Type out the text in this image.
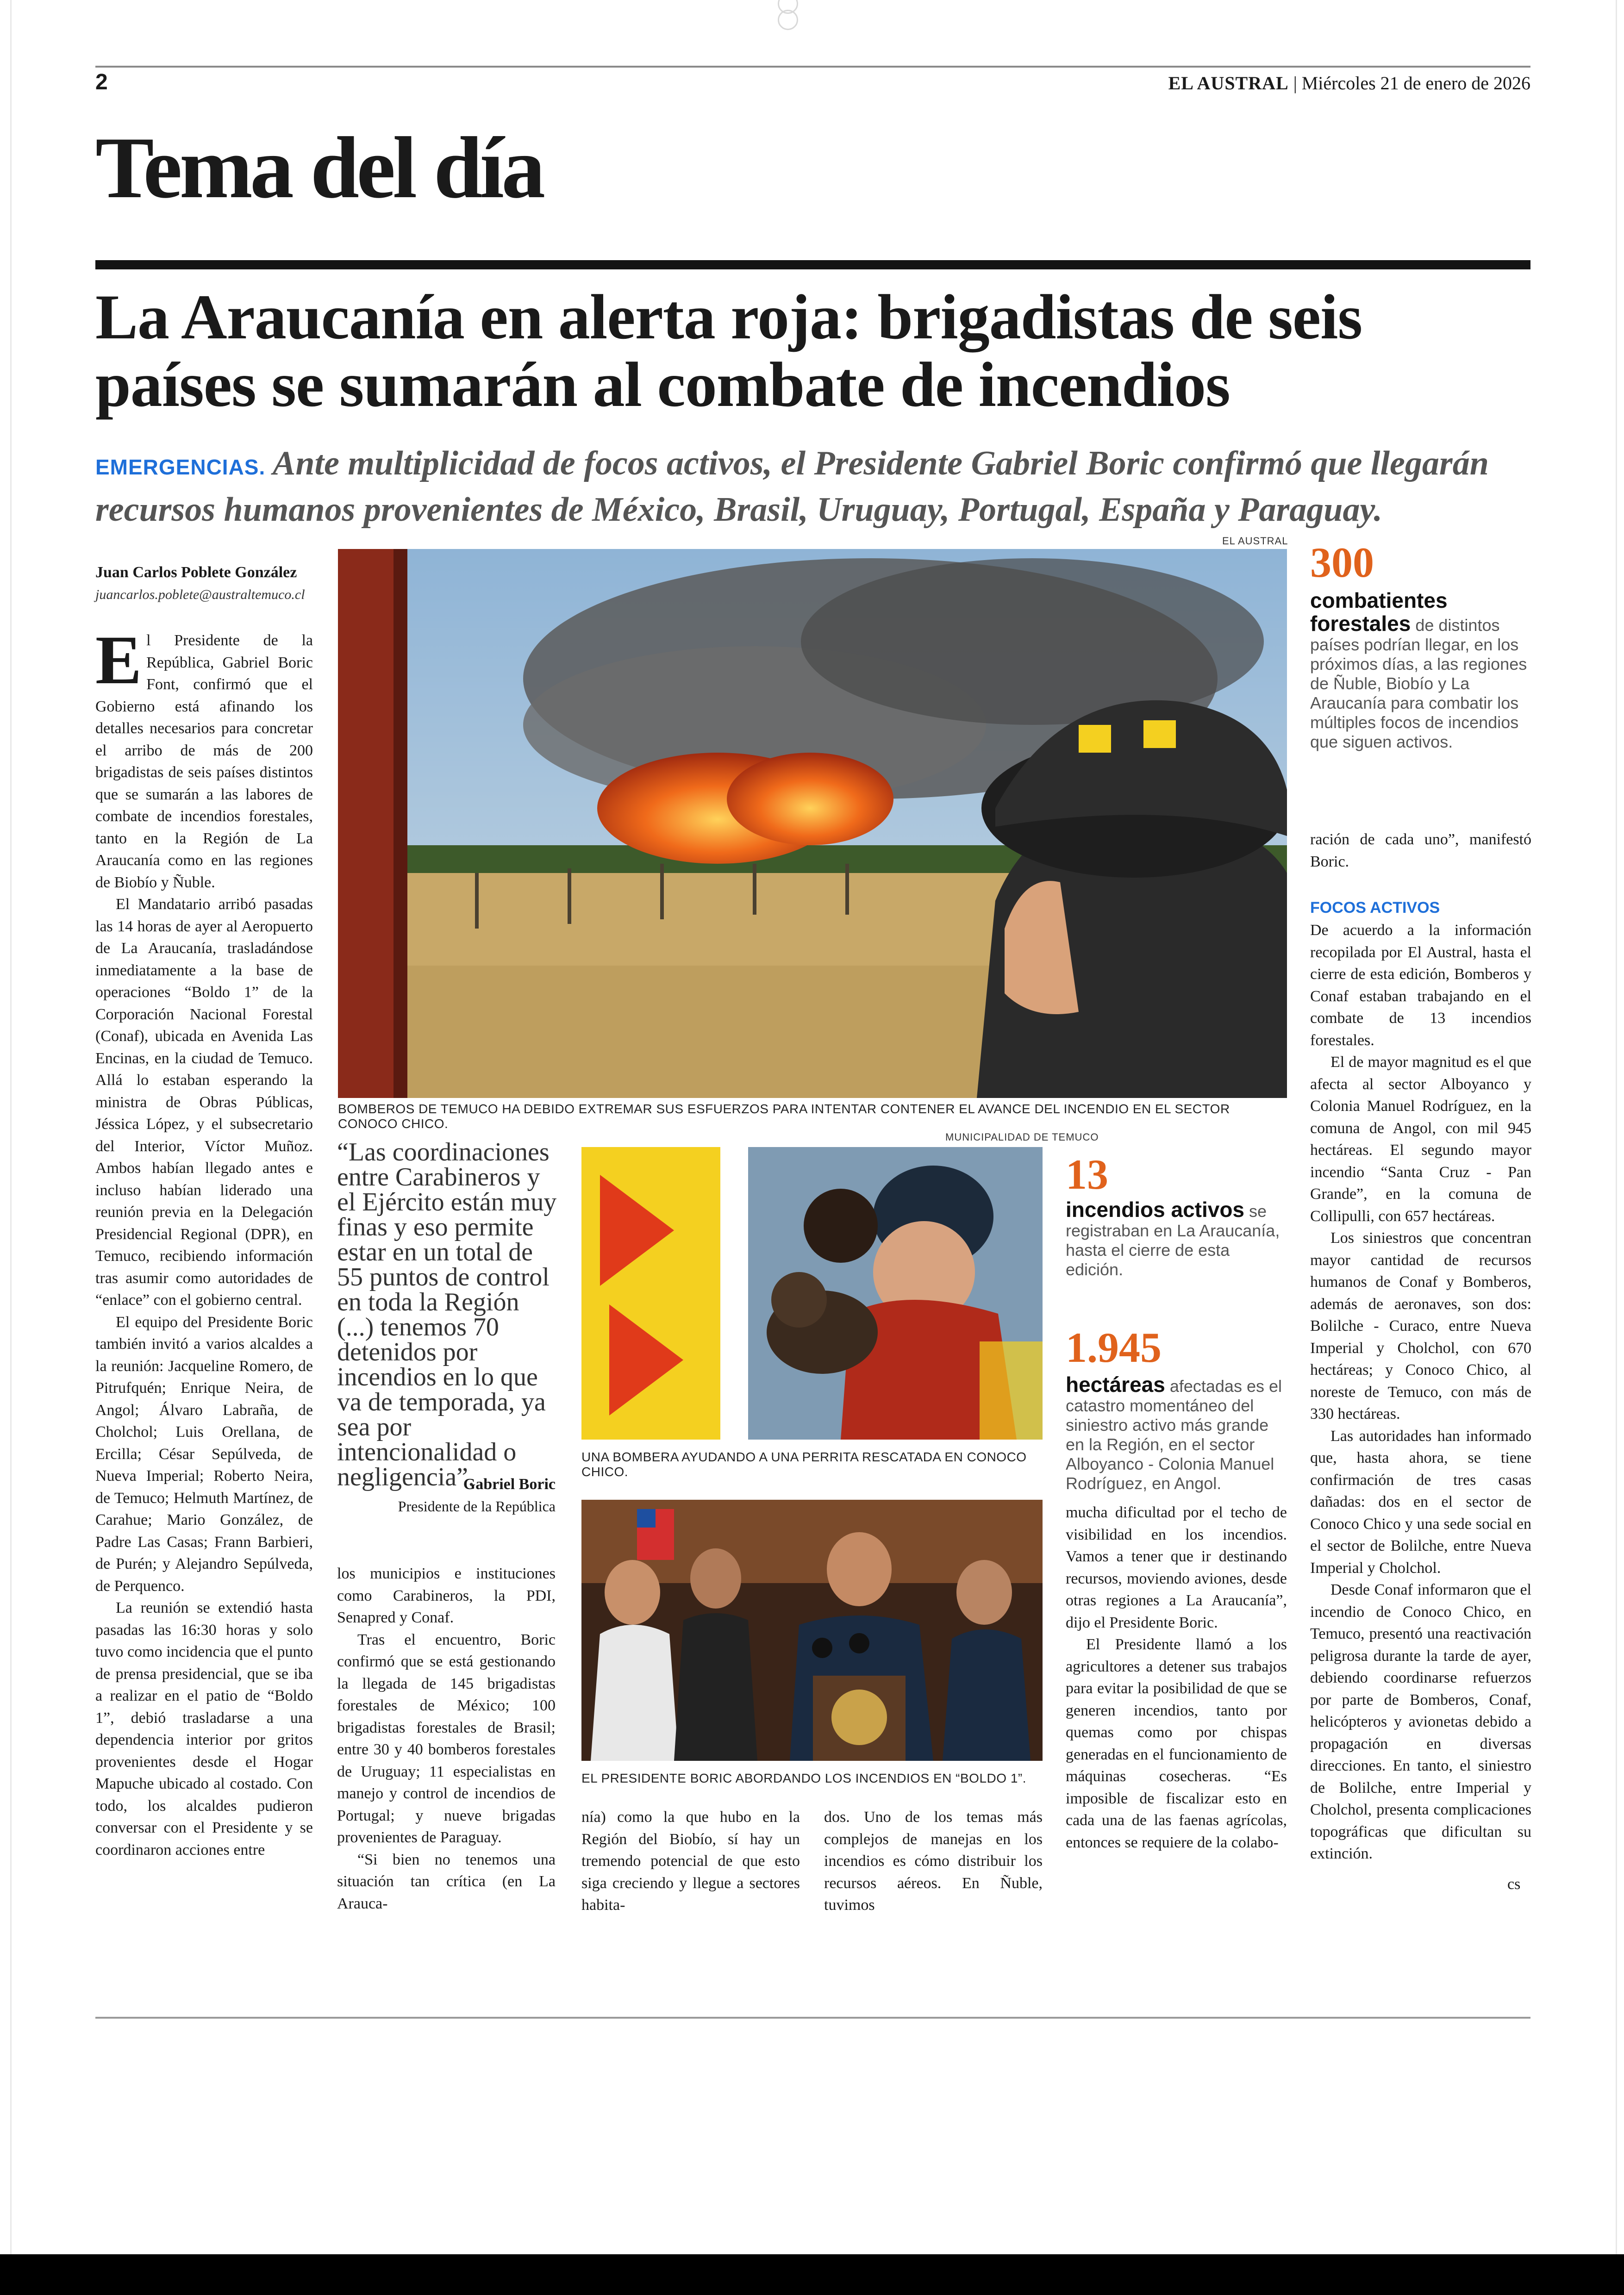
2	EL AUSTRAL | Miércoles 21 de enero de 2026
Tema del día
La Araucanía en alerta roja: brigadistas de seis
países se sumarán al combate de incendios
EMERGENCIAS. Ante multiplicidad de focos activos, el Presidente Gabriel Boric confirmó que llegarán
recursos humanos provenientes de México, Brasil, Uruguay, Portugal, España y Paraguay.
Juan Carlos Poblete González
juancarlos.poblete@australtemuco.cl

El Presidente de la República, Gabriel Boric Font, confirmó que el Gobierno está afinando los detalles necesarios para concretar el arribo de más de 200 brigadistas de seis países distintos que se sumarán a las labores de combate de incendios forestales, tanto en la Región de La Araucanía como en las regiones de Biobío y Ñuble.

El Mandatario arribó pasadas las 14 horas de ayer al Aeropuerto de La Araucanía, trasladándose inmediatamente a la base de operaciones “Boldo 1” de la Corporación Nacional Forestal (Conaf), ubicada en Avenida Las Encinas, en la ciudad de Temuco. Allá lo estaban esperando la ministra de Obras Públicas, Jéssica López, y el subsecretario del Interior, Víctor Muñoz. Ambos habían llegado antes e incluso habían liderado una reunión previa en la Delegación Presidencial Regional (DPR), en Temuco, recibiendo información tras asumir como autoridades de “enlace” con el gobierno central.

El equipo del Presidente Boric también invitó a varios alcaldes a la reunión: Jacqueline Romero, de Pitrufquén; Enrique Neira, de Angol; Álvaro Labraña, de Cholchol; Luis Orellana, de Ercilla; César Sepúlveda, de Nueva Imperial; Roberto Neira, de Temuco; Helmuth Martínez, de Carahue; Mario González, de Padre Las Casas; Frann Barbieri, de Purén; y Alejandro Sepúlveda, de Perquenco.

La reunión se extendió hasta pasadas las 16:30 horas y solo tuvo como incidencia que el punto de prensa presidencial, que se iba a realizar en el patio de “Boldo 1”, debió trasladarse a una dependencia interior por gritos provenientes desde el Hogar Mapuche ubicado al costado. Con todo, los alcaldes pudieron conversar con el Presidente y se coordinaron acciones entre

EL AUSTRAL
BOMBEROS DE TEMUCO HA DEBIDO EXTREMAR SUS ESFUERZOS PARA INTENTAR CONTENER EL AVANCE DEL INCENDIO EN EL SECTOR CONOCO CHICO.
“Las coordinaciones entre Carabineros y el Ejército están muy finas y eso permite estar en un total de 55 puntos de control en toda la Región (...) tenemos 70 detenidos por incendios en lo que va de temporada, ya sea por intencionalidad o negligencia”.
Gabriel Boric
Presidente de la República

los municipios e instituciones como Carabineros, la PDI, Senapred y Conaf.

Tras el encuentro, Boric confirmó que se está gestionando la llegada de 145 brigadistas forestales de México; 100 brigadistas forestales de Brasil; entre 30 y 40 bomberos forestales de Uruguay; 11 especialistas en manejo y control de incendios de Portugal; y nueve brigadas provenientes de Paraguay.

“Si bien no tenemos una situación tan crítica (en La Arauca-

MUNICIPALIDAD DE TEMUCO
UNA BOMBERA AYUDANDO A UNA PERRITA RESCATADA EN CONOCO CHICO.
EL PRESIDENTE BORIC ABORDANDO LOS INCENDIOS EN “BOLDO 1”.

nía) como la que hubo en la Región del Biobío, sí hay un tremendo potencial de que esto siga creciendo y llegue a sectores habita-

dos. Uno de los temas más complejos de manejas en los incendios es cómo distribuir los recursos aéreos. En Ñuble, tuvimos

300
combatientes forestales de distintos países podrían llegar, en los próximos días, a las regiones de Ñuble, Biobío y La Araucanía para combatir los múltiples focos de incendios que siguen activos.
13
incendios activos se registraban en La Araucanía, hasta el cierre de esta edición.
1.945
hectáreas afectadas es el catastro momentáneo del siniestro activo más grande en la Región, en el sector Alboyanco - Colonia Manuel Rodríguez, en Angol.

mucha dificultad por el techo de visibilidad en los incendios. Vamos a tener que ir destinando recursos, moviendo aviones, desde otras regiones a La Araucanía”, dijo el Presidente Boric.

El Presidente llamó a los agricultores a detener sus trabajos para evitar la posibilidad de que se generen incendios, tanto por quemas como por chispas generadas en el funcionamiento de máquinas cosecheras. “Es imposible de fiscalizar esto en cada una de las faenas agrícolas, entonces se requiere de la colabo-

ración de cada uno”, manifestó Boric.

FOCOS ACTIVOS

De acuerdo a la información recopilada por El Austral, hasta el cierre de esta edición, Bomberos y Conaf estaban trabajando en el combate de 13 incendios forestales.

El de mayor magnitud es el que afecta al sector Alboyanco y Colonia Manuel Rodríguez, en la comuna de Angol, con mil 945 hectáreas. El segundo mayor incendio “Santa Cruz - Pan Grande”, en la comuna de Collipulli, con 657 hectáreas.

Los siniestros que concentran mayor cantidad de recursos humanos de Conaf y Bomberos, además de aeronaves, son dos: Bolilche - Curaco, entre Nueva Imperial y Cholchol, con 670 hectáreas; y Conoco Chico, al noreste de Temuco, con más de 330 hectáreas.

Las autoridades han informado que, hasta ahora, se tiene confirmación de tres casas dañadas: dos en el sector de Conoco Chico y una sede social en el sector de Bolilche, entre Nueva Imperial y Cholchol.

Desde Conaf informaron que el incendio de Conoco Chico, en Temuco, presentó una reactivación peligrosa durante la tarde de ayer, debiendo coordinarse refuerzos por parte de Bomberos, Conaf, helicópteros y avionetas debido a propagación en diversas direcciones. En tanto, el siniestro de Bolilche, entre Imperial y Cholchol, presenta complicaciones topográficas que dificultan su extinción.

cs
